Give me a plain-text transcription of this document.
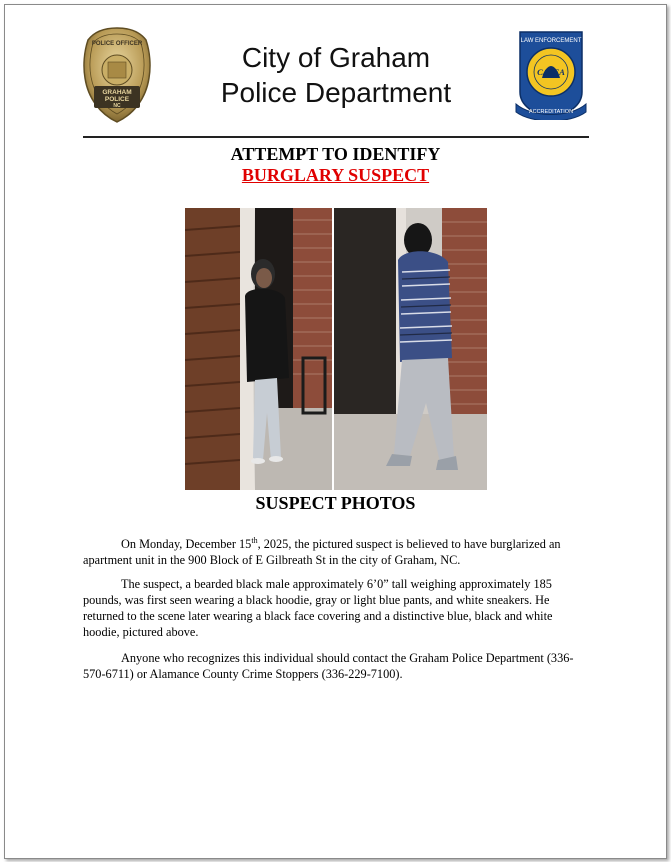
POLICE OFFICER
GRAHAM
POLICE
NC
City of Graham
Police Department
LAW ENFORCEMENT
CALEA
ACCREDITATION
ATTEMPT TO IDENTIFY
BURGLARY SUSPECT
SUSPECT PHOTOS
On Monday, December 15th, 2025, the pictured suspect is believed to have burglarized an apartment unit in the 900 Block of E Gilbreath St in the city of Graham, NC.
The suspect, a bearded black male approximately 6’0” tall weighing approximately 185 pounds, was first seen wearing a black hoodie, gray or light blue pants, and white sneakers. He returned to the scene later wearing a black face covering and a distinctive blue, black and white hoodie, pictured above.
Anyone who recognizes this individual should contact the Graham Police Department (336-570-6711) or Alamance County Crime Stoppers (336-229-7100).
